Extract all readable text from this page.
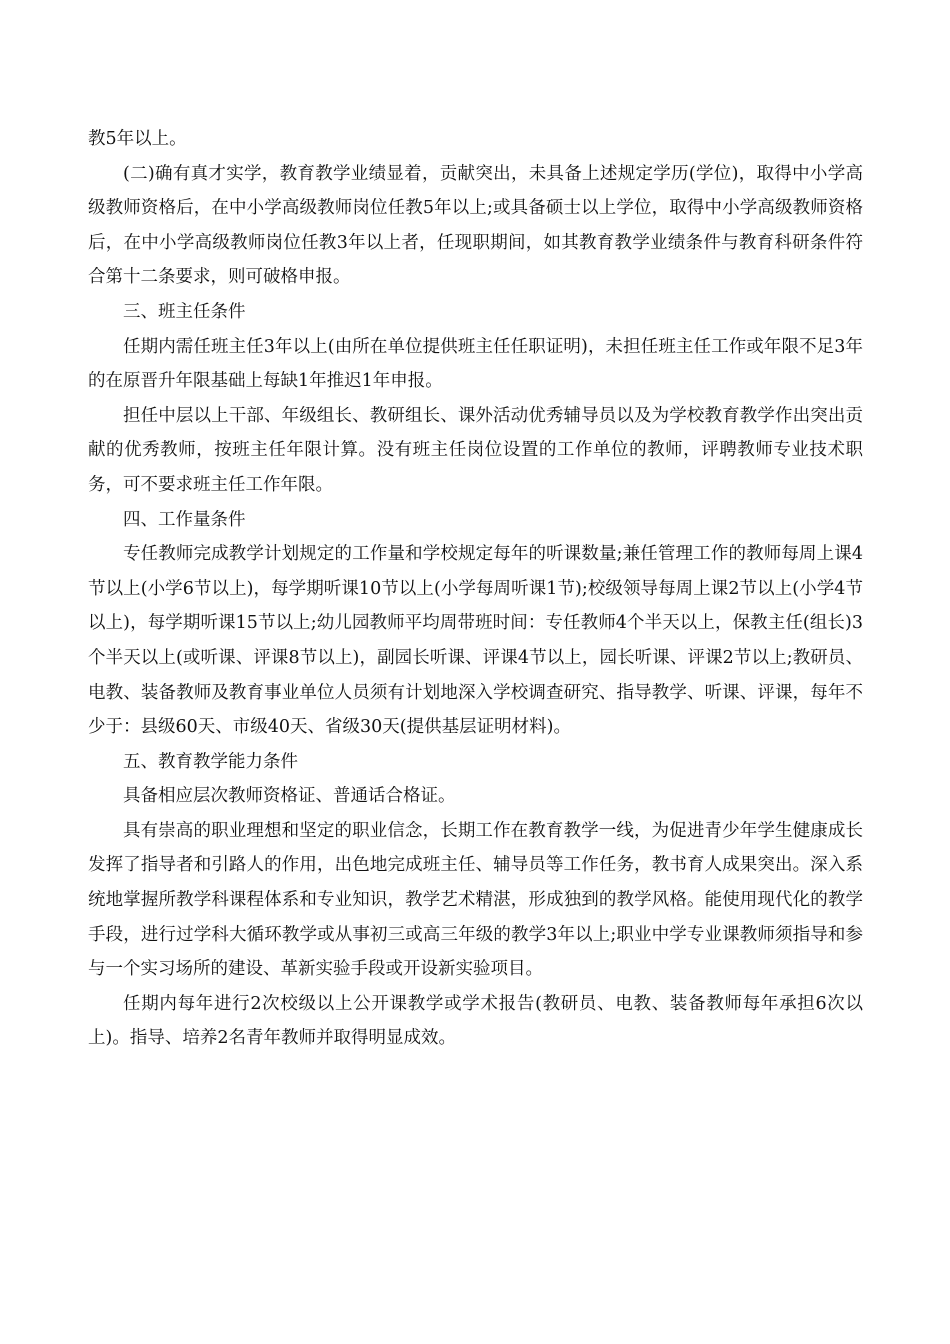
教5年以上。

(二)确有真才实学，教育教学业绩显着，贡献突出，未具备上述规定学历(学位)，取得中小学高级教师资格后，在中小学高级教师岗位任教5年以上;或具备硕士以上学位，取得中小学高级教师资格后，在中小学高级教师岗位任教3年以上者，任现职期间，如其教育教学业绩条件与教育科研条件符合第十二条要求，则可破格申报。

三、班主任条件

任期内需任班主任3年以上(由所在单位提供班主任任职证明)，未担任班主任工作或年限不足3年的在原晋升年限基础上每缺1年推迟1年申报。

担任中层以上干部、年级组长、教研组长、课外活动优秀辅导员以及为学校教育教学作出突出贡献的优秀教师，按班主任年限计算。没有班主任岗位设置的工作单位的教师，评聘教师专业技术职务，可不要求班主任工作年限。

四、工作量条件

专任教师完成教学计划规定的工作量和学校规定每年的听课数量;兼任管理工作的教师每周上课4节以上(小学6节以上)，每学期听课10节以上(小学每周听课1节);校级领导每周上课2节以上(小学4节以上)，每学期听课15节以上;幼儿园教师平均周带班时间：专任教师4个半天以上，保教主任(组长)3个半天以上(或听课、评课8节以上)，副园长听课、评课4节以上，园长听课、评课2节以上;教研员、电教、装备教师及教育事业单位人员须有计划地深入学校调查研究、指导教学、听课、评课，每年不少于：县级60天、市级40天、省级30天(提供基层证明材料)。

五、教育教学能力条件

具备相应层次教师资格证、普通话合格证。

具有崇高的职业理想和坚定的职业信念，长期工作在教育教学一线，为促进青少年学生健康成长发挥了指导者和引路人的作用，出色地完成班主任、辅导员等工作任务，教书育人成果突出。深入系统地掌握所教学科课程体系和专业知识，教学艺术精湛，形成独到的教学风格。能使用现代化的教学手段，进行过学科大循环教学或从事初三或高三年级的教学3年以上;职业中学专业课教师须指导和参与一个实习场所的建设、革新实验手段或开设新实验项目。

任期内每年进行2次校级以上公开课教学或学术报告(教研员、电教、装备教师每年承担6次以上)。指导、培养2名青年教师并取得明显成效。
